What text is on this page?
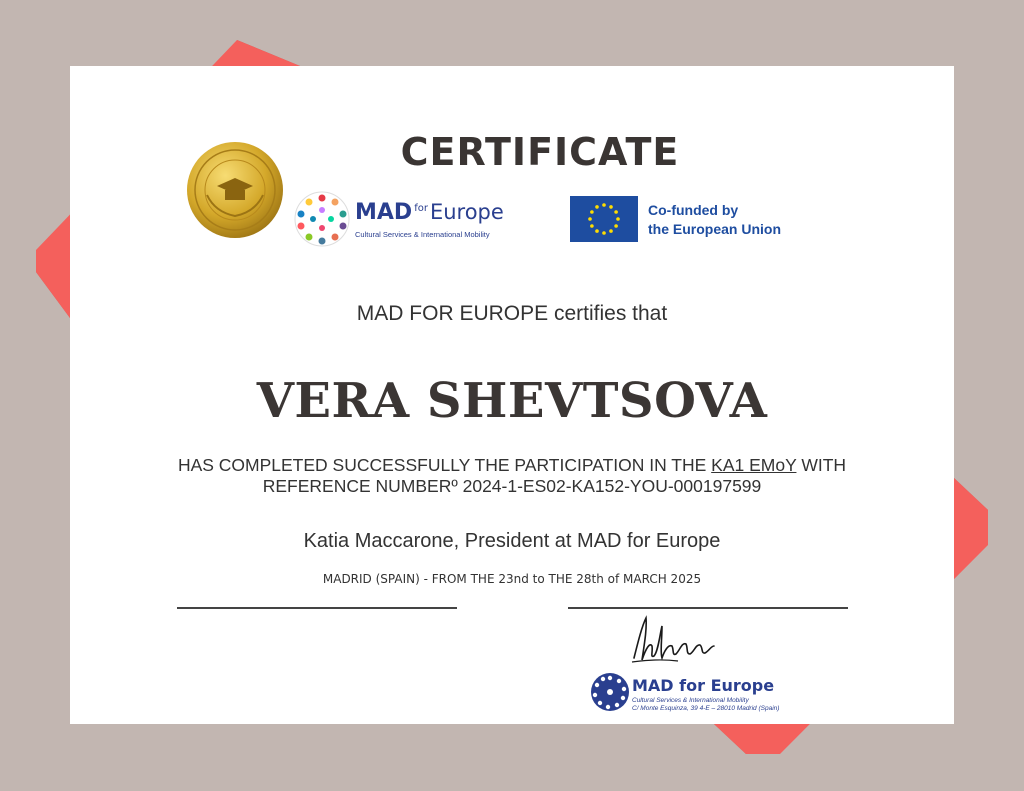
MAD $^{for}$Europe
Cultural Services & International Mobility
Co-funded by
the European Union
CERTIFICATE
MAD FOR EUROPE certifies that
VERA SHEVTSOVA
HAS COMPLETED SUCCESSFULLY THE PARTICIPATION IN THE KA1 EMoY WITH
REFERENCE NUMBERº 2024-1-ES02-KA152-YOU-000197599
Katia Maccarone, President at MAD for Europe
MADRID (SPAIN) - FROM THE 23nd to THE 28th of MARCH 2025
MAD for Europe
Cultural Services & International Mobility
C/ Monte Esquinza, 39 4-E – 28010 Madrid (Spain)
